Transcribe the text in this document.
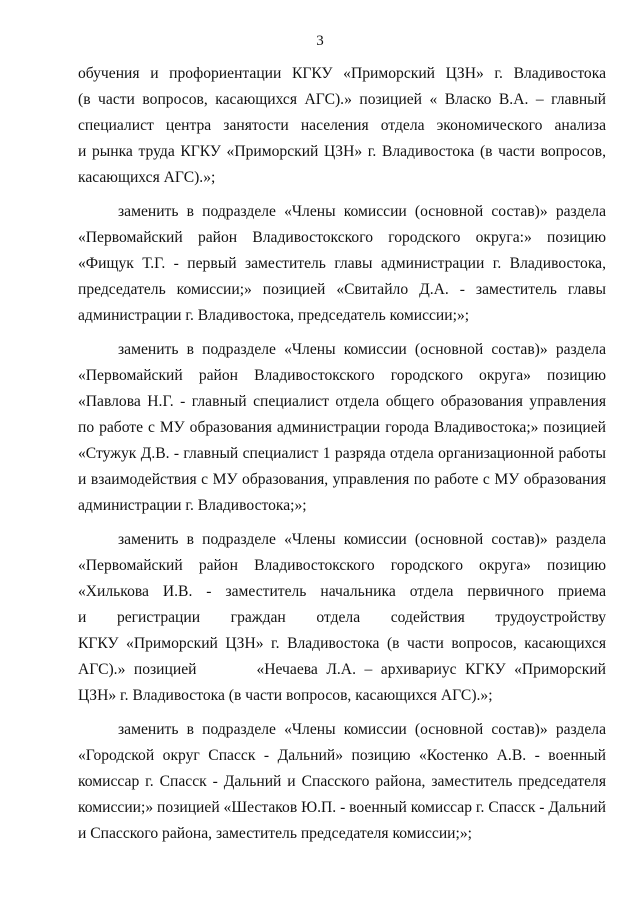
3
обучения и профориентации КГКУ «Приморский ЦЗН» г. Владивостока
(в части вопросов, касающихся АГС).» позицией « Власко В.А. – главный
специалист центра занятости населения отдела экономического анализа
и рынка труда КГКУ «Приморский ЦЗН» г. Владивостока (в части вопросов,
касающихся АГС).»;
заменить в подразделе «Члены комиссии (основной состав)» раздела
«Первомайский район Владивостокского городского округа:» позицию
«Фищук Т.Г. - первый заместитель главы администрации г. Владивостока,
председатель комиссии;» позицией «Свитайло Д.А. - заместитель главы
администрации г. Владивостока, председатель комиссии;»;
заменить в подразделе «Члены комиссии (основной состав)» раздела
«Первомайский район Владивостокского городского округа» позицию
«Павлова Н.Г. - главный специалист отдела общего образования управления
по работе с МУ образования администрации города Владивостока;» позицией
«Стужук Д.В. - главный специалист 1 разряда отдела организационной работы
и взаимодействия с МУ образования, управления по работе с МУ образования
администрации г. Владивостока;»;
заменить в подразделе «Члены комиссии (основной состав)» раздела
«Первомайский район Владивостокского городского округа» позицию
«Хилькова И.В. - заместитель начальника отдела первичного приема
и регистрации граждан отдела содействия трудоустройству
КГКУ «Приморский ЦЗН» г. Владивостока (в части вопросов, касающихся
АГС).» позицией	«Нечаева Л.А. – архивариус КГКУ «Приморский
ЦЗН» г. Владивостока (в части вопросов, касающихся АГС).»;
заменить в подразделе «Члены комиссии (основной состав)» раздела
«Городской округ Спасск - Дальний» позицию «Костенко А.В. - военный
комиссар г. Спасск - Дальний и Спасского района, заместитель председателя
комиссии;» позицией «Шестаков Ю.П. - военный комиссар г. Спасск - Дальний
и Спасского района, заместитель председателя комиссии;»;
